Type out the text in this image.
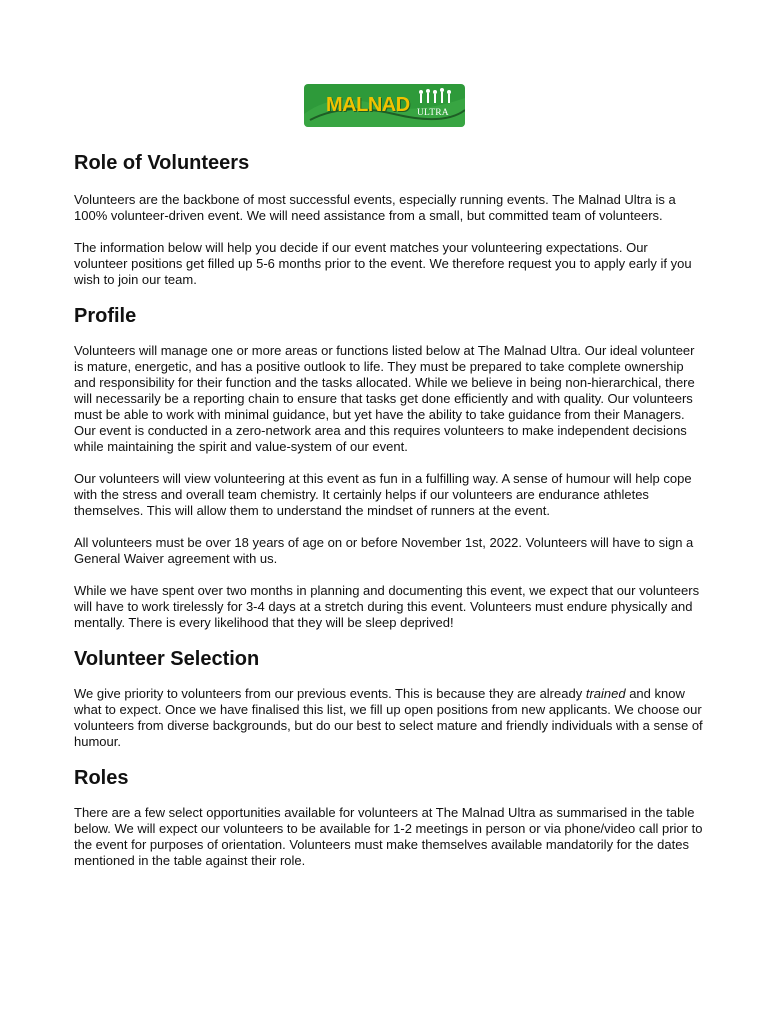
MALNAD ULTRA
Role of Volunteers

Volunteers are the backbone of most successful events, especially running events. The Malnad Ultra is a 100% volunteer-driven event. We will need assistance from a small, but committed team of volunteers.

The information below will help you decide if our event matches your volunteering expectations. Our volunteer positions get filled up 5-6 months prior to the event. We therefore request you to apply early if you wish to join our team.

Profile

Volunteers will manage one or more areas or functions listed below at The Malnad Ultra. Our ideal volunteer is mature, energetic, and has a positive outlook to life. They must be prepared to take complete ownership and responsibility for their function and the tasks allocated. While we believe in being non-hierarchical, there will necessarily be a reporting chain to ensure that tasks get done efficiently and with quality. Our volunteers must be able to work with minimal guidance, but yet have the ability to take guidance from their Managers. Our event is conducted in a zero-network area and this requires volunteers to make independent decisions while maintaining the spirit and value-system of our event.

Our volunteers will view volunteering at this event as fun in a fulfilling way. A sense of humour will help cope with the stress and overall team chemistry. It certainly helps if our volunteers are endurance athletes themselves. This will allow them to understand the mindset of runners at the event.

All volunteers must be over 18 years of age on or before November 1st, 2022. Volunteers will have to sign a General Waiver agreement with us.

While we have spent over two months in planning and documenting this event, we expect that our volunteers will have to work tirelessly for 3-4 days at a stretch during this event. Volunteers must endure physically and mentally. There is every likelihood that they will be sleep deprived!

Volunteer Selection

We give priority to volunteers from our previous events. This is because they are already trained and know what to expect. Once we have finalised this list, we fill up open positions from new applicants. We choose our volunteers from diverse backgrounds, but do our best to select mature and friendly individuals with a sense of humour.

Roles

There are a few select opportunities available for volunteers at The Malnad Ultra as summarised in the table below. We will expect our volunteers to be available for 1-2 meetings in person or via phone/video call prior to the event for purposes of orientation. Volunteers must make themselves available mandatorily for the dates mentioned in the table against their role.
